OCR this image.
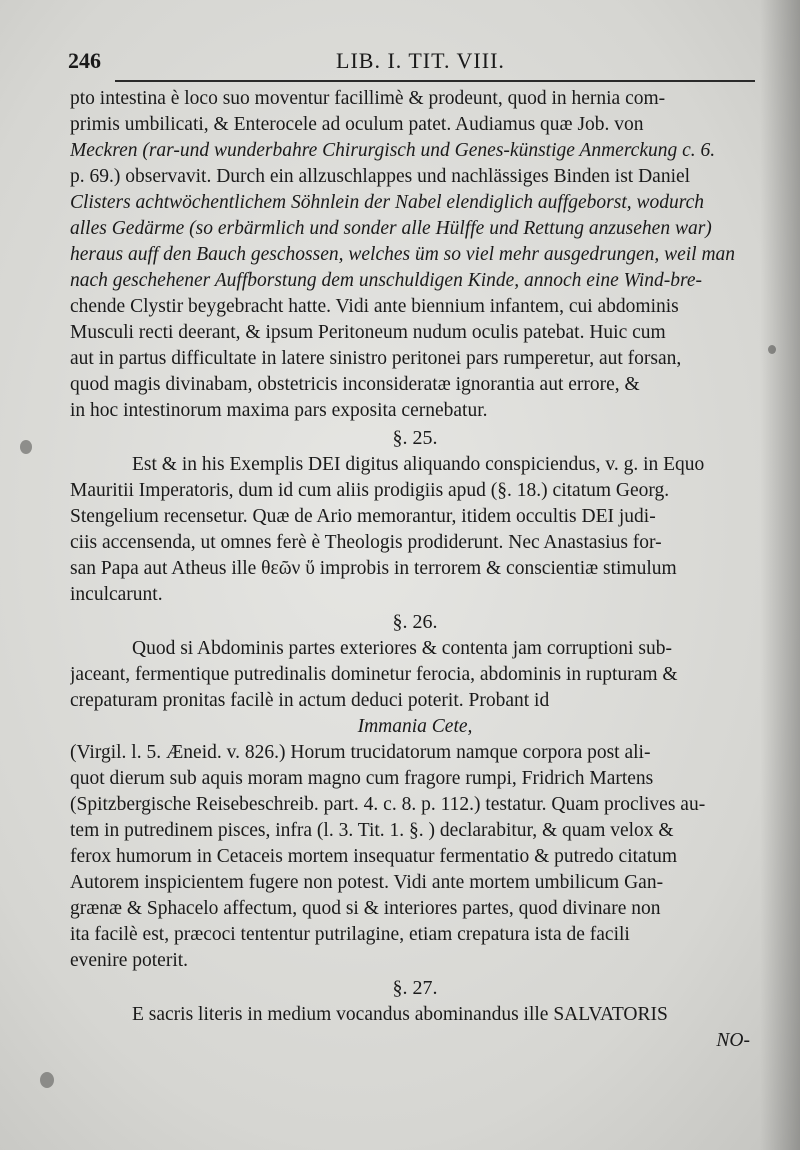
246	LIB. I. TIT. VIII.
pto intestina è loco suo moventur facillimè & prodeunt, quod in hernia com-
primis umbilicati, & Enterocele ad oculum patet. Audiamus quæ Job. von
Meckren (rar-und wunderbahre Chirurgisch und Genes-künstige Anmerckung c. 6.
p. 69.) observavit. Durch ein allzuschlappes und nachlässiges Binden ist Daniel
Clisters achtwöchentlichem Söhnlein der Nabel elendiglich auffgeborst, wodurch
alles Gedärme (so erbärmlich und sonder alle Hülffe und Rettung anzusehen war)
heraus auff den Bauch geschossen, welches üm so viel mehr ausgedrungen, weil man
nach geschehener Auffborstung dem unschuldigen Kinde, annoch eine Wind-bre-
chende Clystir beygebracht hatte. Vidi ante biennium infantem, cui abdominis
Musculi recti deerant, & ipsum Peritoneum nudum oculis patebat. Huic cum
aut in partus difficultate in latere sinistro peritonei pars rumperetur, aut forsan,
quod magis divinabam, obstetricis inconsideratæ ignorantia aut errore, &
in hoc intestinorum maxima pars exposita cernebatur.
§. 25.
Est & in his Exemplis DEI digitus aliquando conspiciendus, v. g. in Equo
Mauritii Imperatoris, dum id cum aliis prodigiis apud (§. 18.) citatum Georg.
Stengelium recensetur. Quæ de Ario memorantur, itidem occultis DEI judi-
ciis accensenda, ut omnes ferè è Theologis prodiderunt. Nec Anastasius for-
san Papa aut Atheus ille θεῶν ὕ improbis in terrorem & conscientiæ stimulum
inculcarunt.
§. 26.
Quod si Abdominis partes exteriores & contenta jam corruptioni sub-
jaceant, fermentique putredinalis dominetur ferocia, abdominis in rupturam &
crepaturam pronitas facilè in actum deduci poterit. Probant id
Immania Cete,
(Virgil. l. 5. Æneid. v. 826.) Horum trucidatorum namque corpora post ali-
quot dierum sub aquis moram magno cum fragore rumpi, Fridrich Martens
(Spitzbergische Reisebeschreib. part. 4. c. 8. p. 112.) testatur. Quam proclives au-
tem in putredinem pisces, infra (l. 3. Tit. 1. §. ) declarabitur, & quam velox &
ferox humorum in Cetaceis mortem insequatur fermentatio & putredo citatum
Autorem inspicientem fugere non potest. Vidi ante mortem umbilicum Gan-
grænæ & Sphacelo affectum, quod si & interiores partes, quod divinare non
ita facilè est, præcoci tententur putrilagine, etiam crepatura ista de facili
evenire poterit.
§. 27.
E sacris literis in medium vocandus abominandus ille SALVATORIS
NO-
